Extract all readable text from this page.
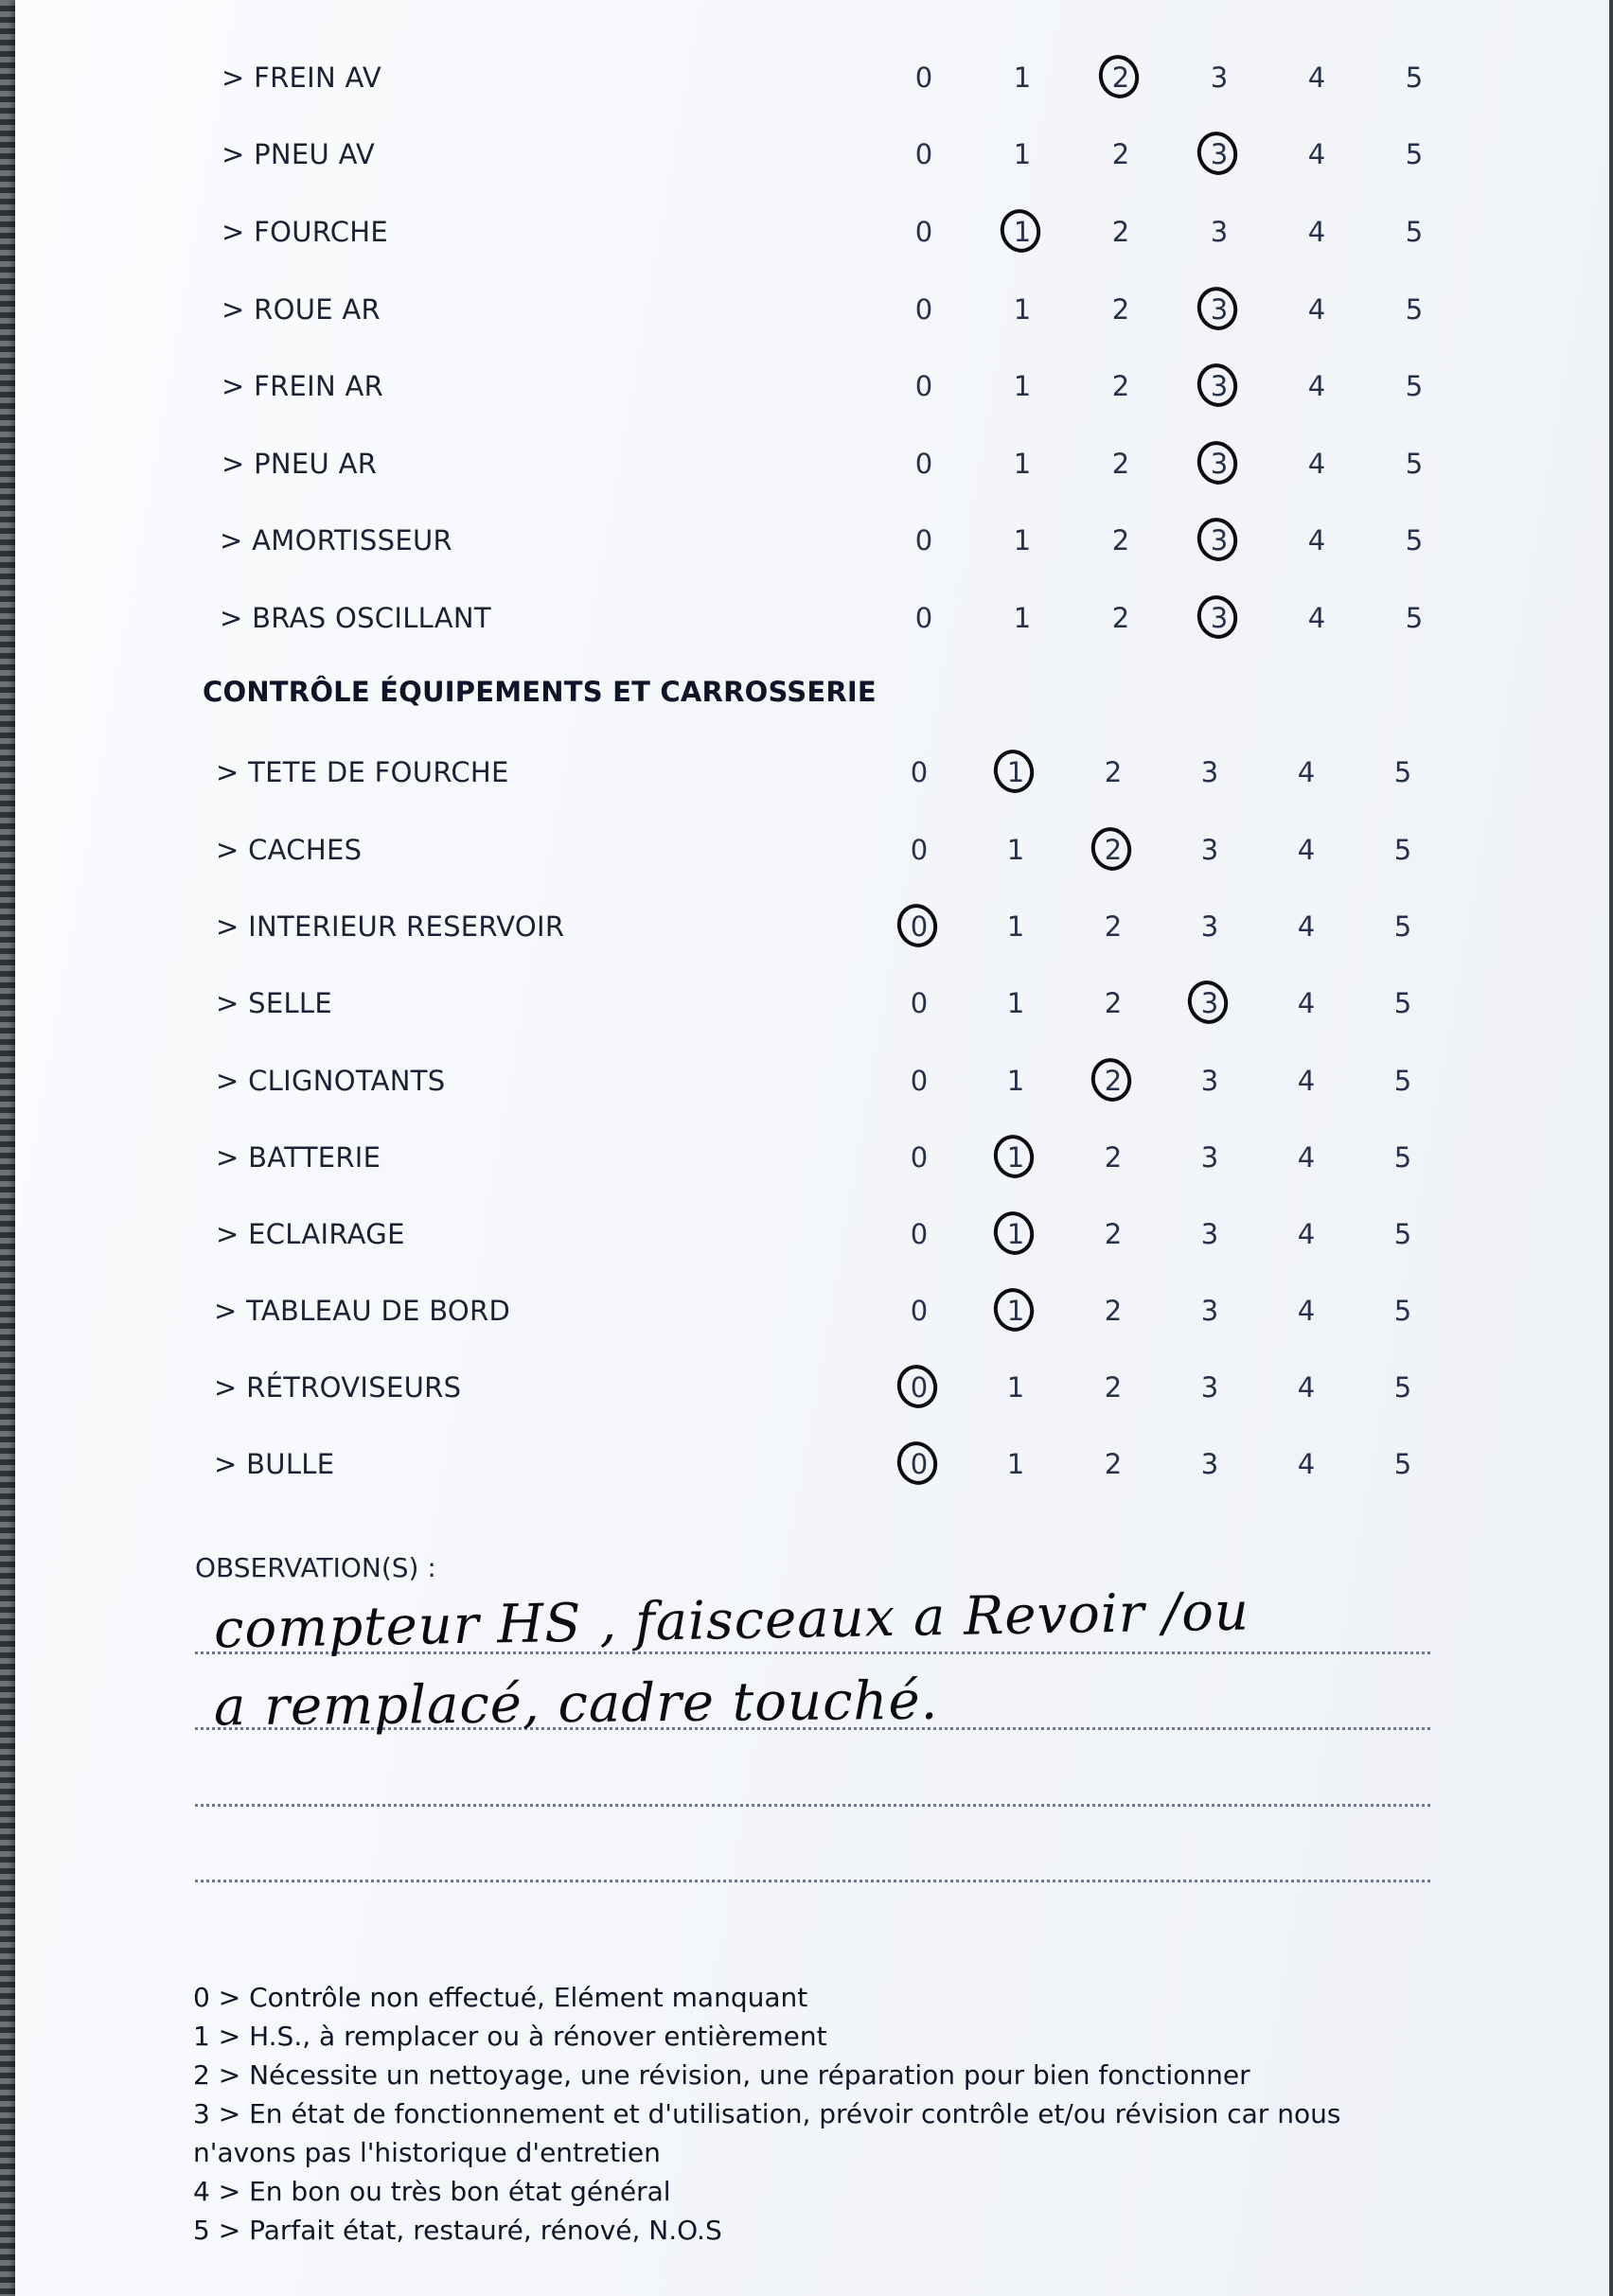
> FREIN AV	0	1	2	3	4	5
> PNEU AV	0	1	2	3	4	5
> FOURCHE	0	1	2	3	4	5
> ROUE AR	0	1	2	3	4	5
> FREIN AR	0	1	2	3	4	5
> PNEU AR	0	1	2	3	4	5
> AMORTISSEUR	0	1	2	3	4	5
> BRAS OSCILLANT	0	1	2	3	4	5
> TETE DE FOURCHE	0	1	2	3	4	5
> CACHES	0	1	2	3	4	5
> INTERIEUR RESERVOIR	0	1	2	3	4	5
> SELLE	0	1	2	3	4	5
> CLIGNOTANTS	0	1	2	3	4	5
> BATTERIE	0	1	2	3	4	5
> ECLAIRAGE	0	1	2	3	4	5
> TABLEAU DE BORD	0	1	2	3	4	5
> RÉTROVISEURS	0	1	2	3	4	5
> BULLE	0	1	2	3	4	5
CONTRÔLE ÉQUIPEMENTS ET CARROSSERIE
OBSERVATION(S) :
compteur HS , faisceaux a Revoir /ou
a remplacé, cadre touché.
0 > Contrôle non effectué, Elément manquant
1 > H.S., à remplacer ou à rénover entièrement
2 > Nécessite un nettoyage, une révision, une réparation pour bien fonctionner
3 > En état de fonctionnement et d'utilisation, prévoir contrôle et/ou révision car nous
n'avons pas l'historique d'entretien
4 > En bon ou très bon état général
5 > Parfait état, restauré, rénové, N.O.S
